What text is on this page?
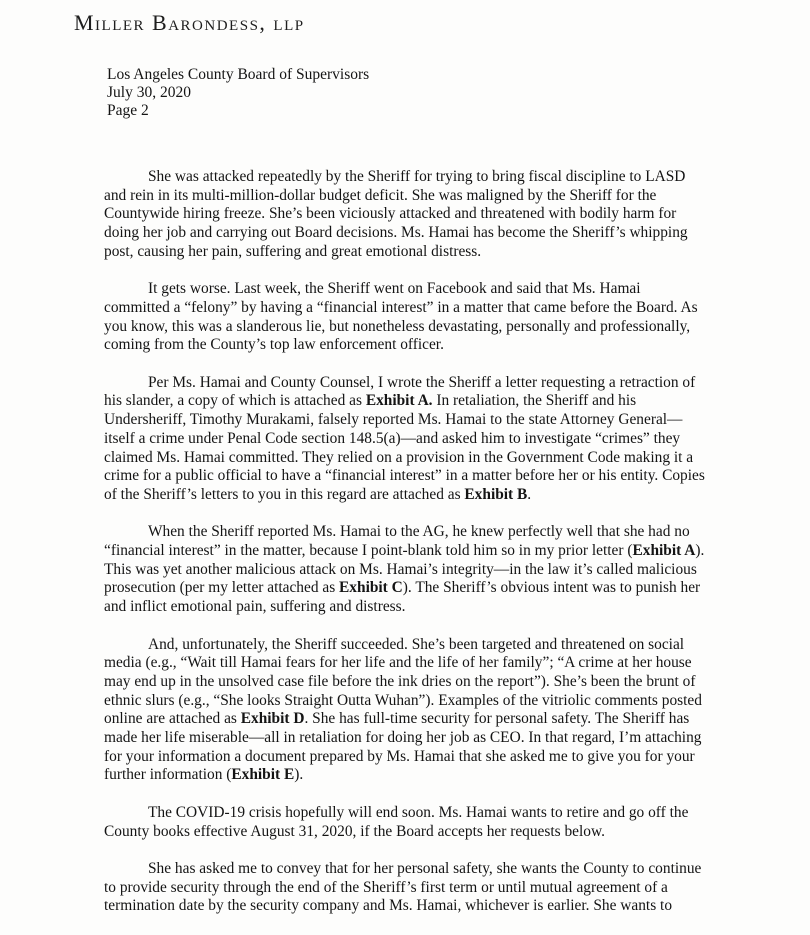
Miller Barondess, llp
Los Angeles County Board of Supervisors
July 30, 2020
Page 2

She was attacked repeatedly by the Sheriff for trying to bring fiscal discipline to LASD and rein in its multi-million-dollar budget deficit. She was maligned by the Sheriff for the Countywide hiring freeze. She’s been viciously attacked and threatened with bodily harm for doing her job and carrying out Board decisions. Ms. Hamai has become the Sheriff’s whipping post, causing her pain, suffering and great emotional distress.

It gets worse. Last week, the Sheriff went on Facebook and said that Ms. Hamai committed a “felony” by having a “financial interest” in a matter that came before the Board. As you know, this was a slanderous lie, but nonetheless devastating, personally and professionally, coming from the County’s top law enforcement officer.

Per Ms. Hamai and County Counsel, I wrote the Sheriff a letter requesting a retraction of his slander, a copy of which is attached as Exhibit A. In retaliation, the Sheriff and his Undersheriff, Timothy Murakami, falsely reported Ms. Hamai to the state Attorney General—itself a crime under Penal Code section 148.5(a)—and asked him to investigate “crimes” they claimed Ms. Hamai committed. They relied on a provision in the Government Code making it a crime for a public official to have a “financial interest” in a matter before her or his entity. Copies of the Sheriff’s letters to you in this regard are attached as Exhibit B.

When the Sheriff reported Ms. Hamai to the AG, he knew perfectly well that she had no “financial interest” in the matter, because I point-blank told him so in my prior letter (Exhibit A). This was yet another malicious attack on Ms. Hamai’s integrity—in the law it’s called malicious prosecution (per my letter attached as Exhibit C). The Sheriff’s obvious intent was to punish her and inflict emotional pain, suffering and distress.

And, unfortunately, the Sheriff succeeded. She’s been targeted and threatened on social media (e.g., “Wait till Hamai fears for her life and the life of her family”; “A crime at her house may end up in the unsolved case file before the ink dries on the report”). She’s been the brunt of ethnic slurs (e.g., “She looks Straight Outta Wuhan”). Examples of the vitriolic comments posted online are attached as Exhibit D. She has full-time security for personal safety. The Sheriff has made her life miserable—all in retaliation for doing her job as CEO. In that regard, I’m attaching for your information a document prepared by Ms. Hamai that she asked me to give you for your further information (Exhibit E).

The COVID-19 crisis hopefully will end soon. Ms. Hamai wants to retire and go off the County books effective August 31, 2020, if the Board accepts her requests below.

She has asked me to convey that for her personal safety, she wants the County to continue to provide security through the end of the Sheriff’s first term or until mutual agreement of a termination date by the security company and Ms. Hamai, whichever is earlier. She wants to
